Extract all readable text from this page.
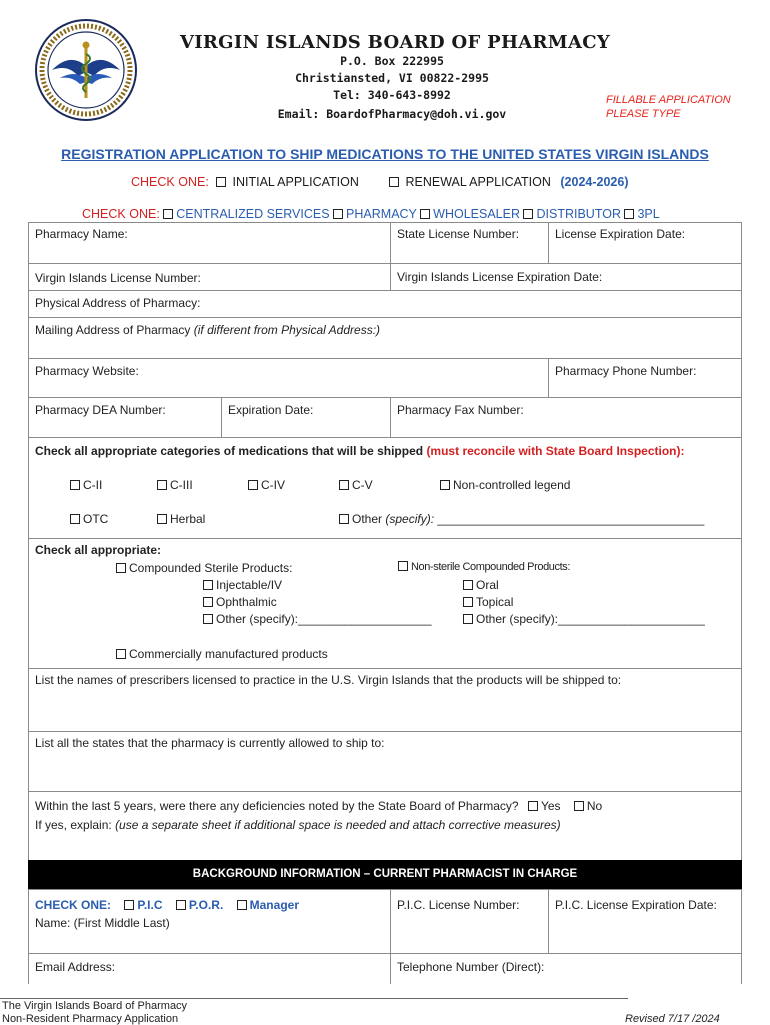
VIRGIN ISLANDS BOARD OF PHARMACY
P.O. Box 222995
Christiansted, VI 00822-2995
Tel: 340-643-8992
Email: BoardofPharmacy@doh.vi.gov
FILLABLE APPLICATION
PLEASE TYPE
REGISTRATION APPLICATION TO SHIP MEDICATIONS TO THE UNITED STATES VIRGIN ISLANDS
CHECK ONE:	INITIAL APPLICATION	RENEWAL APPLICATION (2024-2026)
CHECK ONE: CENTRALIZED SERVICES PHARMACY WHOLESALER DISTRIBUTOR 3PL
Pharmacy Name:	State License Number:	License Expiration Date:
Virgin Islands License Number:	Virgin Islands License Expiration Date:
Physical Address of Pharmacy:
Mailing Address of Pharmacy (if different from Physical Address:)
Pharmacy Website:	Pharmacy Phone Number:
Pharmacy DEA Number:	Expiration Date:	Pharmacy Fax Number:
Check all appropriate categories of medications that will be shipped (must reconcile with State Board Inspection):
C-II	C-III	C-IV	C-V	Non-controlled legend
OTC	Herbal	Other (specify): ________________________________________
Check all appropriate:
Compounded Sterile Products:
Injectable/IV
Ophthalmic
Other (specify):____________________
Non-sterile Compounded Products:
Oral
Topical
Other (specify):______________________
Commercially manufactured products
List the names of prescribers licensed to practice in the U.S. Virgin Islands that the products will be shipped to:
List all the states that the pharmacy is currently allowed to ship to:
Within the last 5 years, were there any deficiencies noted by the State Board of Pharmacy? Yes No
If yes, explain: (use a separate sheet if additional space is needed and attach corrective measures)
BACKGROUND INFORMATION – CURRENT PHARMACIST IN CHARGE
CHECK ONE: P.I.C P.O.R. Manager
Name: (First Middle Last)
P.I.C. License Number:	P.I.C. License Expiration Date:
Email Address:	Telephone Number (Direct):
The Virgin Islands Board of Pharmacy
Non-Resident Pharmacy Application	Revised 7/17 /2024
